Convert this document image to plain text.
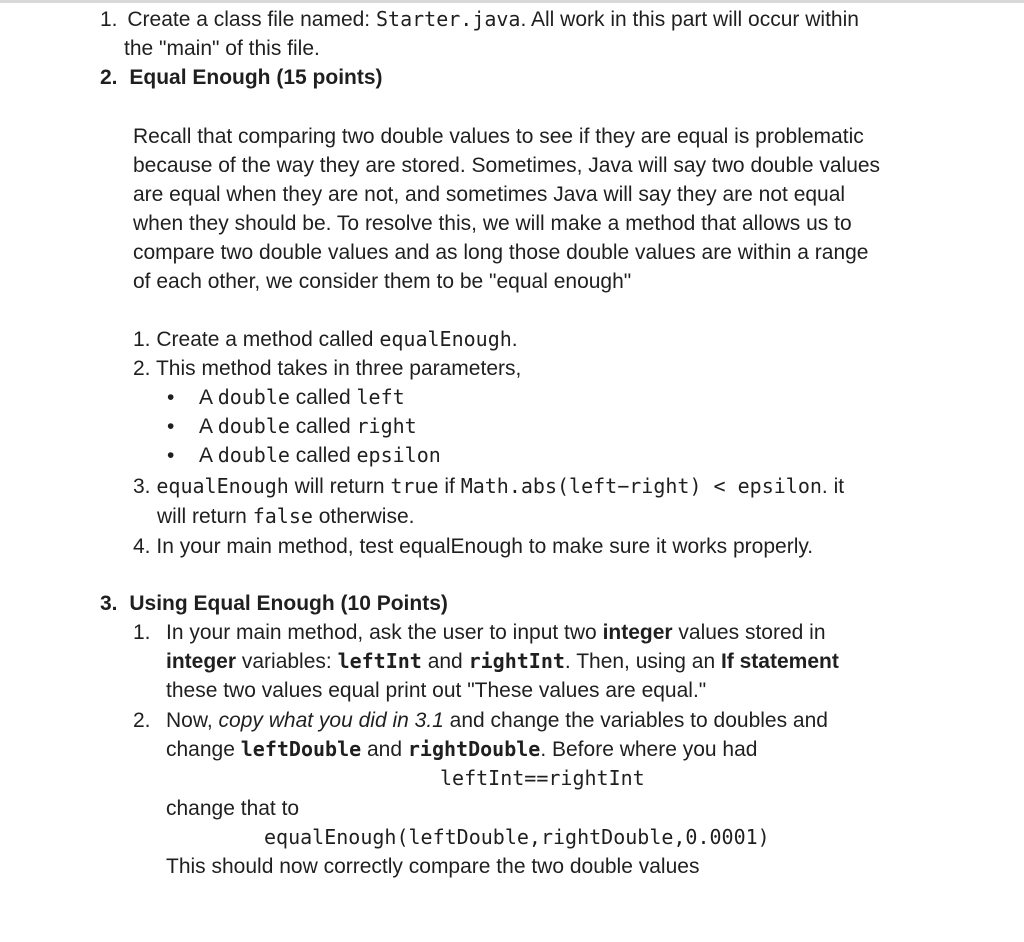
1. Create a class file named: Starter.java. All work in this part will occur within
the "main" of this file.
2. Equal Enough (15 points)
Recall that comparing two double values to see if they are equal is problematic
because of the way they are stored. Sometimes, Java will say two double values
are equal when they are not, and sometimes Java will say they are not equal
when they should be. To resolve this, we will make a method that allows us to
compare two double values and as long those double values are within a range
of each other, we consider them to be "equal enough"
1. Create a method called equalEnough.
2. This method takes in three parameters,
• A double called left
• A double called right
• A double called epsilon
3. equalEnough will return true if Math.abs(left−right) < epsilon. it
will return false otherwise.
4. In your main method, test equalEnough to make sure it works properly.
3. Using Equal Enough (10 Points)
1. In your main method, ask the user to input two integer values stored in
integer variables: leftInt and rightInt. Then, using an If statement
these two values equal print out "These values are equal."
2. Now, copy what you did in 3.1 and change the variables to doubles and
change leftDouble and rightDouble. Before where you had
leftInt==rightInt
change that to
equalEnough(leftDouble,rightDouble,0.0001)
This should now correctly compare the two double values
